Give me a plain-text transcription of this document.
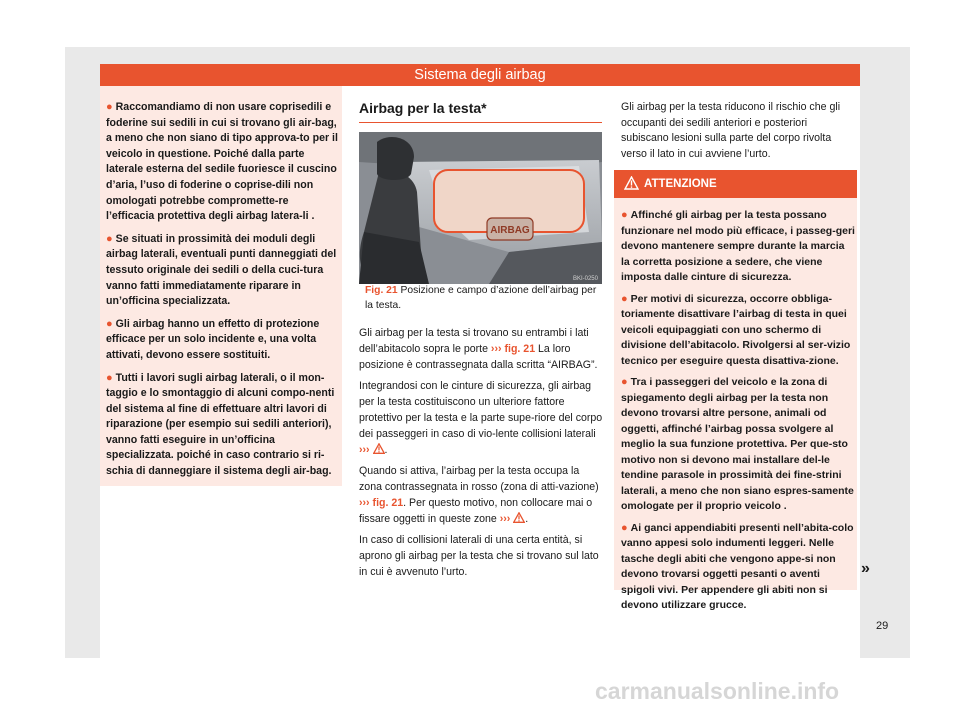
Sistema degli airbag

● Raccomandiamo di non usare coprisedili e foderine sui sedili in cui si trovano gli air-bag, a meno che non siano di tipo approva-to per il veicolo in questione. Poiché dalla parte laterale esterna del sedile fuoriesce il cuscino d’aria, l’uso di foderine o coprise-dili non omologati potrebbe compromette-re l’efficacia protettiva degli airbag latera-li .

● Se situati in prossimità dei moduli degli airbag laterali, eventuali punti danneggiati del tessuto originale dei sedili o della cuci-tura vanno fatti immediatamente riparare in un’officina specializzata.

● Gli airbag hanno un effetto di protezione efficace per un solo incidente e, una volta attivati, devono essere sostituiti.

● Tutti i lavori sugli airbag laterali, o il mon-taggio e lo smontaggio di alcuni compo-nenti del sistema al fine di effettuare altri lavori di riparazione (per esempio sui sedili anteriori), vanno fatti eseguire in un’officina specializzata. poiché in caso contrario si ri-schia di danneggiare il sistema degli air-bag.

Airbag per la testa*
AIRBAG
BKI-0250
Fig. 21 Posizione e campo d’azione dell’airbag per la testa.

Gli airbag per la testa si trovano su entrambi i lati dell’abitacolo sopra le porte ››› fig. 21 La loro posizione è contrassegnata dalla scritta “AIRBAG”.

Integrandosi con le cinture di sicurezza, gli airbag per la testa costituiscono un ulteriore fattore protettivo per la testa e la parte supe-riore del corpo dei passeggeri in caso di vio-lente collisioni laterali ››› .

Quando si attiva, l’airbag per la testa occupa la zona contrassegnata in rosso (zona di atti-vazione) ››› fig. 21. Per questo motivo, non collocare mai o fissare oggetti in queste zone ››› .

In caso di collisioni laterali di una certa entità, si aprono gli airbag per la testa che si trovano sul lato in cui è avvenuto l’urto.

Gli airbag per la testa riducono il rischio che gli occupanti dei sedili anteriori e posteriori subiscano lesioni sulla parte del corpo rivolta verso il lato in cui avviene l’urto.
ATTENZIONE

● Affinché gli airbag per la testa possano funzionare nel modo più efficace, i passeg-geri devono mantenere sempre durante la marcia la corretta posizione a sedere, che viene imposta dalle cinture di sicurezza.

● Per motivi di sicurezza, occorre obbliga-toriamente disattivare l’airbag di testa in quei veicoli equipaggiati con uno schermo di divisione dell’abitacolo. Rivolgersi al ser-vizio tecnico per eseguire questa disattiva-zione.

● Tra i passeggeri del veicolo e la zona di spiegamento degli airbag per la testa non devono trovarsi altre persone, animali od oggetti, affinché l’airbag possa svolgere al meglio la sua funzione protettiva. Per que-sto motivo non si devono mai installare del-le tendine parasole in prossimità dei fine-strini laterali, a meno che non siano espres-samente omologate per il proprio veicolo .

● Ai ganci appendiabiti presenti nell’abita-colo vanno appesi solo indumenti leggeri. Nelle tasche degli abiti che vengono appe-si non devono trovarsi oggetti pesanti o aventi spigoli vivi. Per appendere gli abiti non si devono utilizzare grucce.

»
29
carmanualsonline.info
